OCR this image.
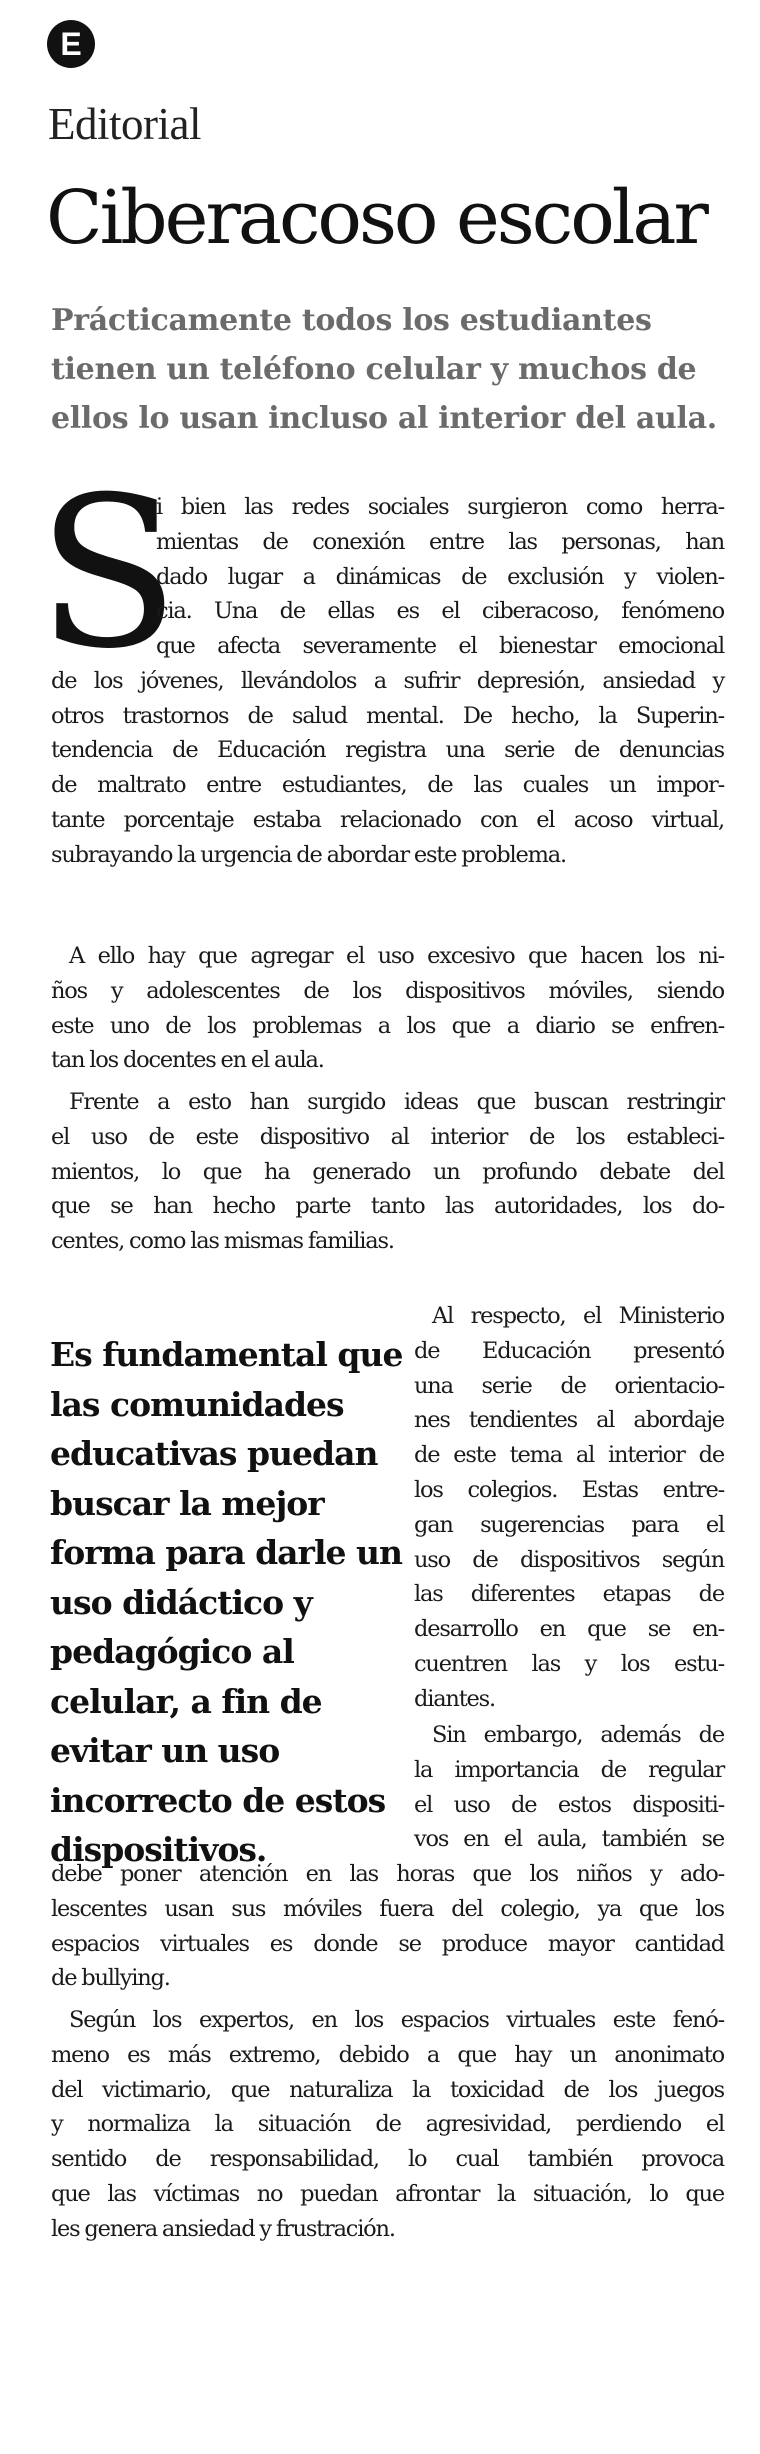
E
Editorial
Ciberacoso escolar
Prácticamente todos los estudiantes
tienen un teléfono celular y muchos de
ellos lo usan incluso al interior del aula.
S
i bien las redes sociales surgieron como herra-
mientas de conexión entre las personas, han
dado lugar a dinámicas de exclusión y violen-
cia. Una de ellas es el ciberacoso, fenómeno
que afecta severamente el bienestar emocional
de los jóvenes, llevándolos a sufrir depresión, ansiedad y
otros trastornos de salud mental. De hecho, la Superin-
tendencia de Educación registra una serie de denuncias
de maltrato entre estudiantes, de las cuales un impor-
tante porcentaje estaba relacionado con el acoso virtual,
subrayando la urgencia de abordar este problema.
A ello hay que agregar el uso excesivo que hacen los ni-
ños y adolescentes de los dispositivos móviles, siendo
este uno de los problemas a los que a diario se enfren-
tan los docentes en el aula.
Frente a esto han surgido ideas que buscan restringir
el uso de este dispositivo al interior de los estableci-
mientos, lo que ha generado un profundo debate del
que se han hecho parte tanto las autoridades, los do-
centes, como las mismas familias.
Es fundamental que
las comunidades
educativas puedan
buscar la mejor
forma para darle un
uso didáctico y
pedagógico al
celular, a fin de
evitar un uso
incorrecto de estos
dispositivos.
Al respecto, el Ministerio
de Educación presentó
una serie de orientacio-
nes tendientes al abordaje
de este tema al interior de
los colegios. Estas entre-
gan sugerencias para el
uso de dispositivos según
las diferentes etapas de
desarrollo en que se en-
cuentren las y los estu-
diantes.
Sin embargo, además de
la importancia de regular
el uso de estos dispositi-
vos en el aula, también se
debe poner atención en las horas que los niños y ado-
lescentes usan sus móviles fuera del colegio, ya que los
espacios virtuales es donde se produce mayor cantidad
de bullying.
Según los expertos, en los espacios virtuales este fenó-
meno es más extremo, debido a que hay un anonimato
del victimario, que naturaliza la toxicidad de los juegos
y normaliza la situación de agresividad, perdiendo el
sentido de responsabilidad, lo cual también provoca
que las víctimas no puedan afrontar la situación, lo que
les genera ansiedad y frustración.
